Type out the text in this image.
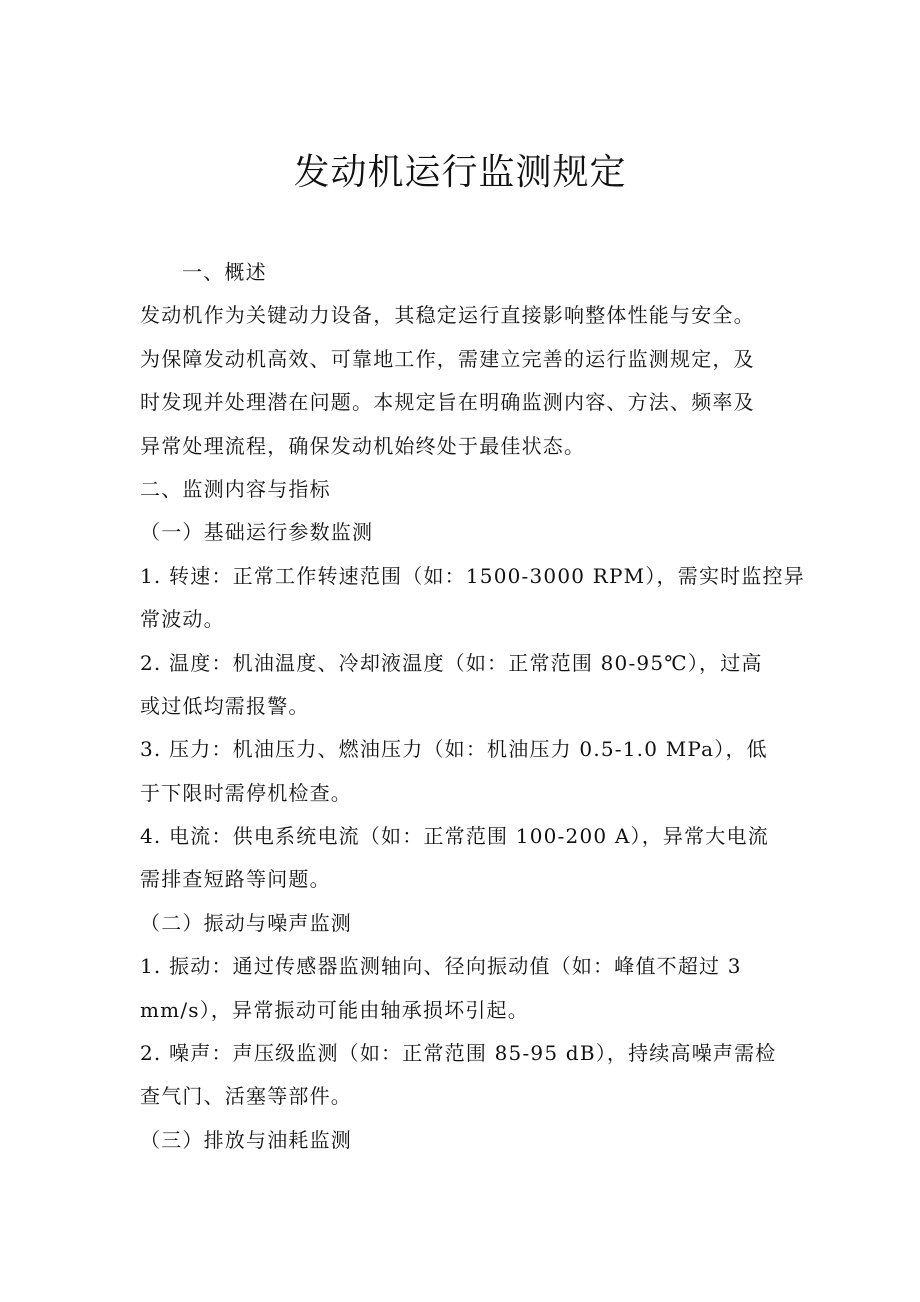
发动机运行监测规定

一、概述

发动机作为关键动力设备，其稳定运行直接影响整体性能与安全。

为保障发动机高效、可靠地工作，需建立完善的运行监测规定，及

时发现并处理潜在问题。本规定旨在明确监测内容、方法、频率及

异常处理流程，确保发动机始终处于最佳状态。

二、监测内容与指标

（一）基础运行参数监测

1. 转速：正常工作转速范围（如：1500-3000 RPM），需实时监控异

常波动。

2. 温度：机油温度、冷却液温度（如：正常范围 80-95℃），过高

或过低均需报警。

3. 压力：机油压力、燃油压力（如：机油压力 0.5-1.0 MPa），低

于下限时需停机检查。

4. 电流：供电系统电流（如：正常范围 100-200 A），异常大电流

需排查短路等问题。

（二）振动与噪声监测

1. 振动：通过传感器监测轴向、径向振动值（如：峰值不超过 3

mm/s），异常振动可能由轴承损坏引起。

2. 噪声：声压级监测（如：正常范围 85-95 dB），持续高噪声需检

查气门、活塞等部件。

（三）排放与油耗监测
